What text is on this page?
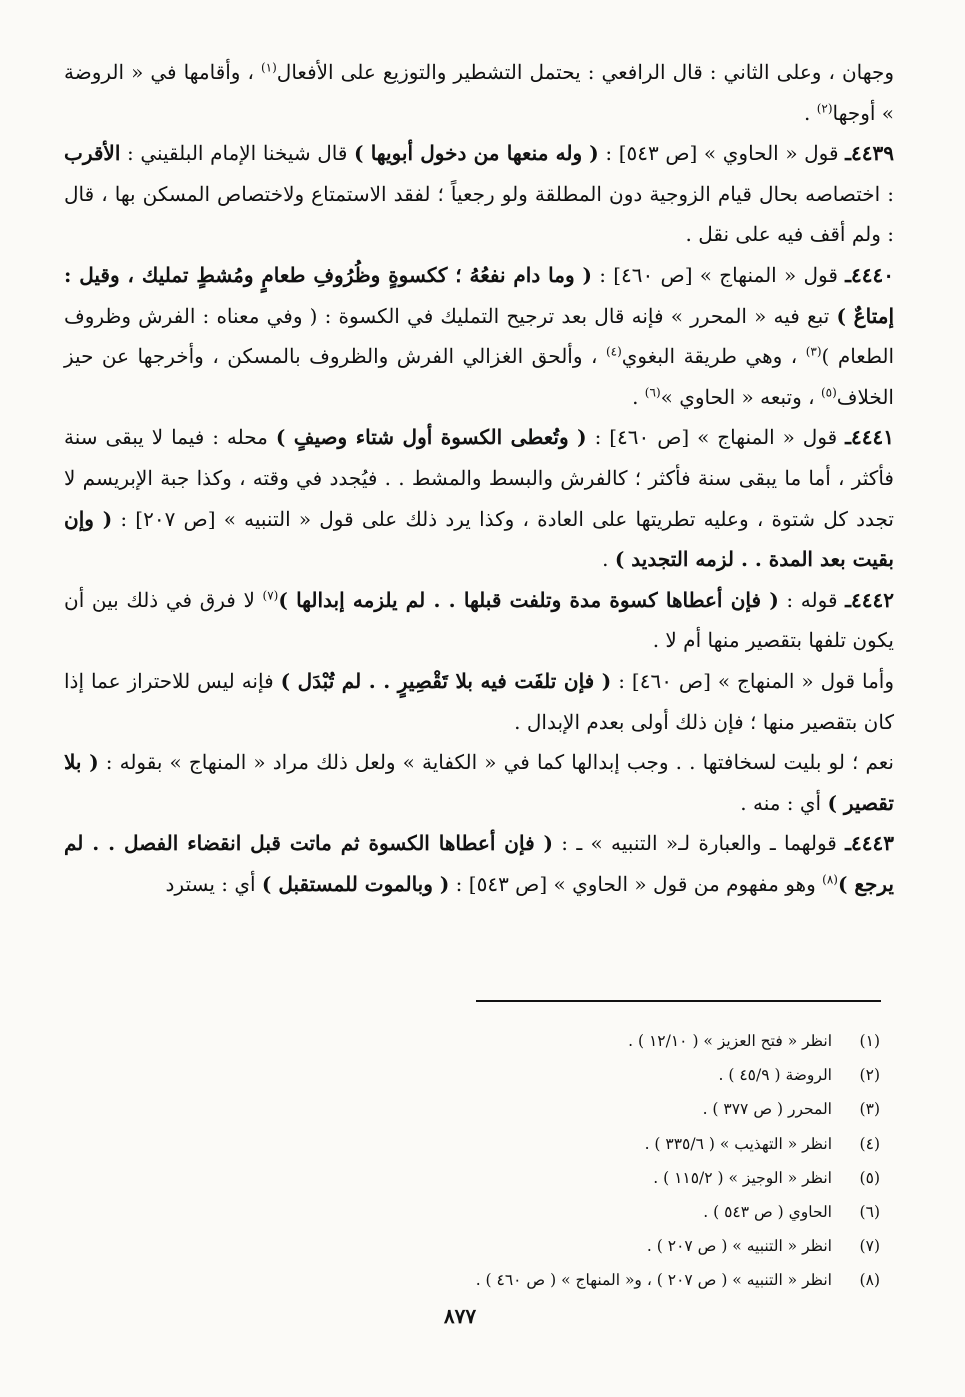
وجهان ، وعلى الثاني : قال الرافعي : يحتمل التشطير والتوزيع على الأفعال$^{(١)}$ ، وأقامها في « الروضة » أوجها$^{(٢)}$ .

٤٤٣٩ـ قول « الحاوي » [ص ٥٤٣] : ( وله منعها من دخول أبويها ) قال شيخنا الإمام البلقيني : الأقرب : اختصاصه بحال قيام الزوجية دون المطلقة ولو رجعياً ؛ لفقد الاستمتاع ولاختصاص المسكن بها ، قال : ولم أقف فيه على نقل .

٤٤٤٠ـ قول « المنهاج » [ص ٤٦٠] : ( وما دام نفعُهُ ؛ ككسوةٍ وظُرُوفِ طعامٍ ومُشطٍ تمليك ، وقيل : إمتاعٌ ) تبع فيه « المحرر » فإنه قال بعد ترجيح التمليك في الكسوة : ( وفي معناه : الفرش وظروف الطعام )$^{(٣)}$ ، وهي طريقة البغوي$^{(٤)}$ ، وألحق الغزالي الفرش والظروف بالمسكن ، وأخرجها عن حيز الخلاف$^{(٥)}$ ، وتبعه « الحاوي »$^{(٦)}$ .

٤٤٤١ـ قول « المنهاج » [ص ٤٦٠] : ( وتُعطى الكسوة أول شتاء وصيفٍ ) محله : فيما لا يبقى سنة فأكثر ، أما ما يبقى سنة فأكثر ؛ كالفرش والبسط والمشط . . فيُجدد في وقته ، وكذا جبة الإبريسم لا تجدد كل شتوة ، وعليه تطريتها على العادة ، وكذا يرد ذلك على قول « التنبيه » [ص ٢٠٧] : ( وإن بقيت بعد المدة . . لزمه التجديد ) .

٤٤٤٢ـ قوله : ( فإن أعطاها كسوة مدة وتلفت قبلها . . لم يلزمه إبدالها )$^{(٧)}$ لا فرق في ذلك بين أن يكون تلفها بتقصير منها أم لا .

وأما قول « المنهاج » [ص ٤٦٠] : ( فإن تلفَت فيه بلا تَقْصِيرٍ . . لم تُبْدَل ) فإنه ليس للاحتراز عما إذا كان بتقصير منها ؛ فإن ذلك أولى بعدم الإبدال .

نعم ؛ لو بليت لسخافتها . . وجب إبدالها كما في « الكفاية » ولعل ذلك مراد « المنهاج » بقوله : ( بلا تقصير ) أي : منه .

٤٤٤٣ـ قولهما ـ والعبارة لـ« التنبيه » ـ : ( فإن أعطاها الكسوة ثم ماتت قبل انقضاء الفصل . . لم يرجع )$^{(٨)}$ وهو مفهوم من قول « الحاوي » [ص ٥٤٣] : ( وبالموت للمستقبل ) أي : يسترد

(١)انظر « فتح العزيز » ( ١٢/١٠ ) .
(٢)الروضة ( ٤٥/٩ ) .
(٣)المحرر ( ص ٣٧٧ ) .
(٤)انظر « التهذيب » ( ٣٣٥/٦ ) .
(٥)انظر « الوجيز » ( ١١٥/٢ ) .
(٦)الحاوي ( ص ٥٤٣ ) .
(٧)انظر « التنبيه » ( ص ٢٠٧ ) .
(٨)انظر « التنبيه » ( ص ٢٠٧ ) ، و« المنهاج » ( ص ٤٦٠ ) .
٨٧٧
